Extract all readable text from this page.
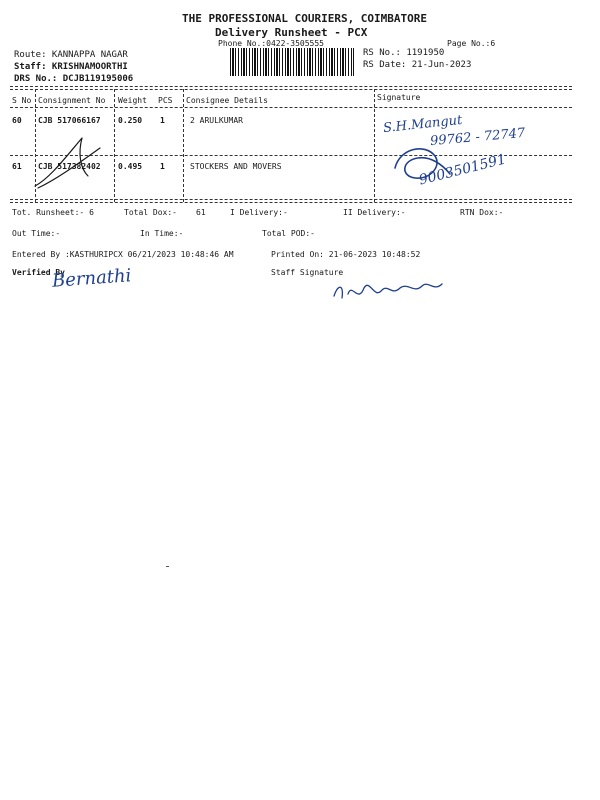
THE PROFESSIONAL COURIERS, COIMBATORE
Delivery Runsheet - PCX
Phone No.:0422-3505555	Page No.:6
Route: KANNAPPA NAGAR
Staff: KRISHNAMOORTHI
DRS No.: DCJB119195006
RS No.: 1191950
RS Date: 21-Jun-2023
S No Consignment No Weight PCS Consignee Details	Signature
60 CJB 517066167 0.250 1	2 ARULKUMAR
61 CJB 517382402 0.495 1	STOCKERS AND MOVERS
S.H.Mangut
99762 - 72747
9003501591
Tot. Runsheet:- 6	Total Dox:- 61	I Delivery:-	II Delivery:-	RTN Dox:-
Out Time:-	In Time:-	Total POD:-
Entered By :KASTHURIPCX 06/21/2023 10:48:46 AM	Printed On: 21-06-2023 10:48:52
Verified By	Staff Signature
Bernathi
